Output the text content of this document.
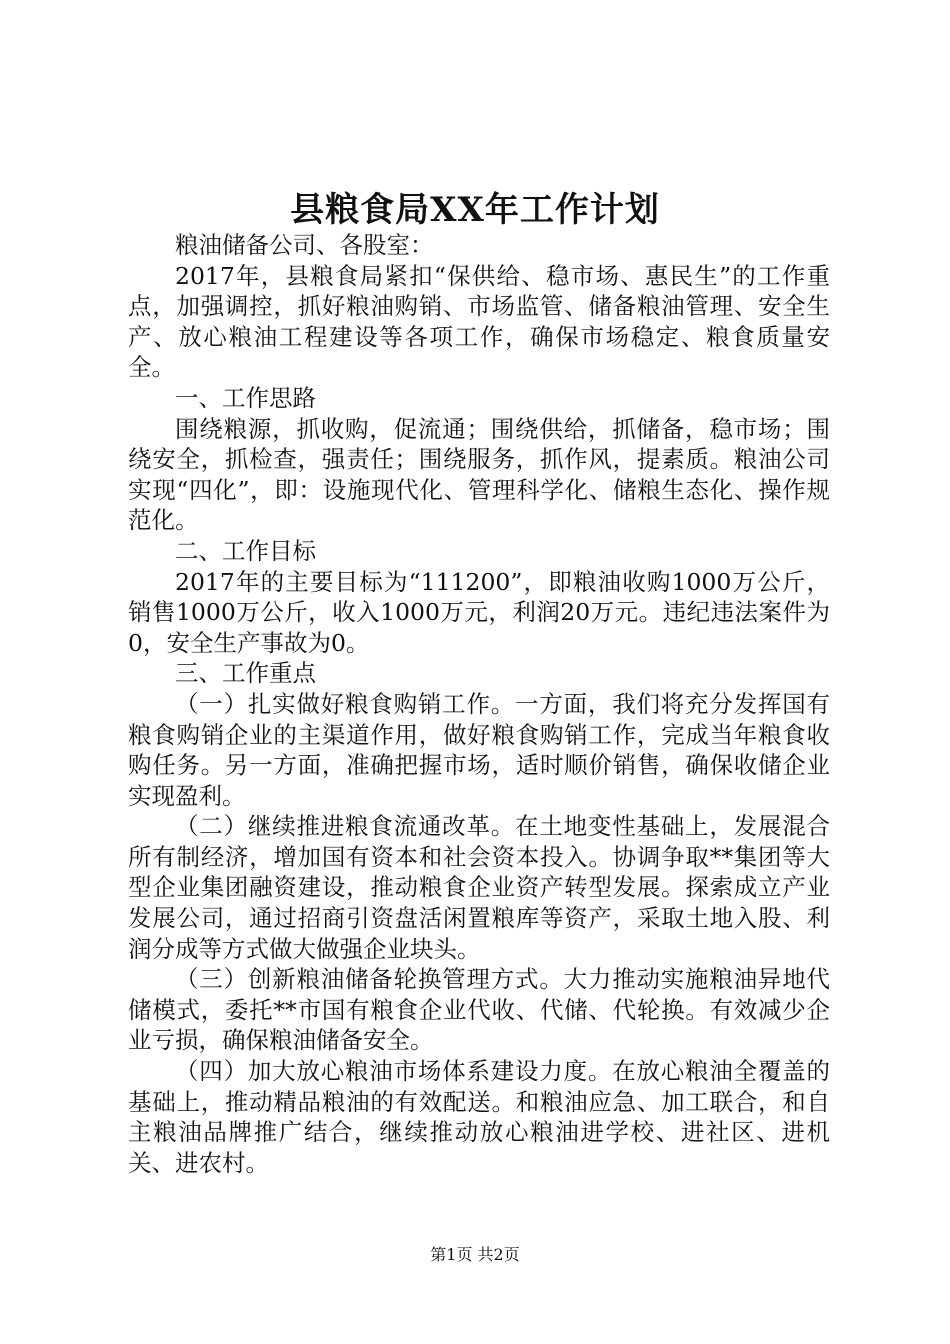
县粮食局XX年工作计划

粮油储备公司、各股室：

2017年，县粮食局紧扣“保供给、稳市场、惠民生”的工作重点，加强调控，抓好粮油购销、市场监管、储备粮油管理、安全生产、放心粮油工程建设等各项工作，确保市场稳定、粮食质量安全。

一、工作思路

围绕粮源，抓收购，促流通；围绕供给，抓储备，稳市场；围绕安全，抓检查，强责任；围绕服务，抓作风，提素质。粮油公司实现“四化”，即：设施现代化、管理科学化、储粮生态化、操作规范化。

二、工作目标

2017年的主要目标为“111200”，即粮油收购1000万公斤，销售1000万公斤，收入1000万元，利润20万元。违纪违法案件为0，安全生产事故为0。

三、工作重点

（一）扎实做好粮食购销工作。一方面，我们将充分发挥国有粮食购销企业的主渠道作用，做好粮食购销工作，完成当年粮食收购任务。另一方面，准确把握市场，适时顺价销售，确保收储企业实现盈利。

（二）继续推进粮食流通改革。在土地变性基础上，发展混合所有制经济，增加国有资本和社会资本投入。协调争取**集团等大型企业集团融资建设，推动粮食企业资产转型发展。探索成立产业发展公司，通过招商引资盘活闲置粮库等资产，采取土地入股、利润分成等方式做大做强企业块头。

（三）创新粮油储备轮换管理方式。大力推动实施粮油异地代储模式，委托**市国有粮食企业代收、代储、代轮换。有效减少企业亏损，确保粮油储备安全。

（四）加大放心粮油市场体系建设力度。在放心粮油全覆盖的基础上，推动精品粮油的有效配送。和粮油应急、加工联合，和自主粮油品牌推广结合，继续推动放心粮油进学校、进社区、进机关、进农村。

第1页 共2页
